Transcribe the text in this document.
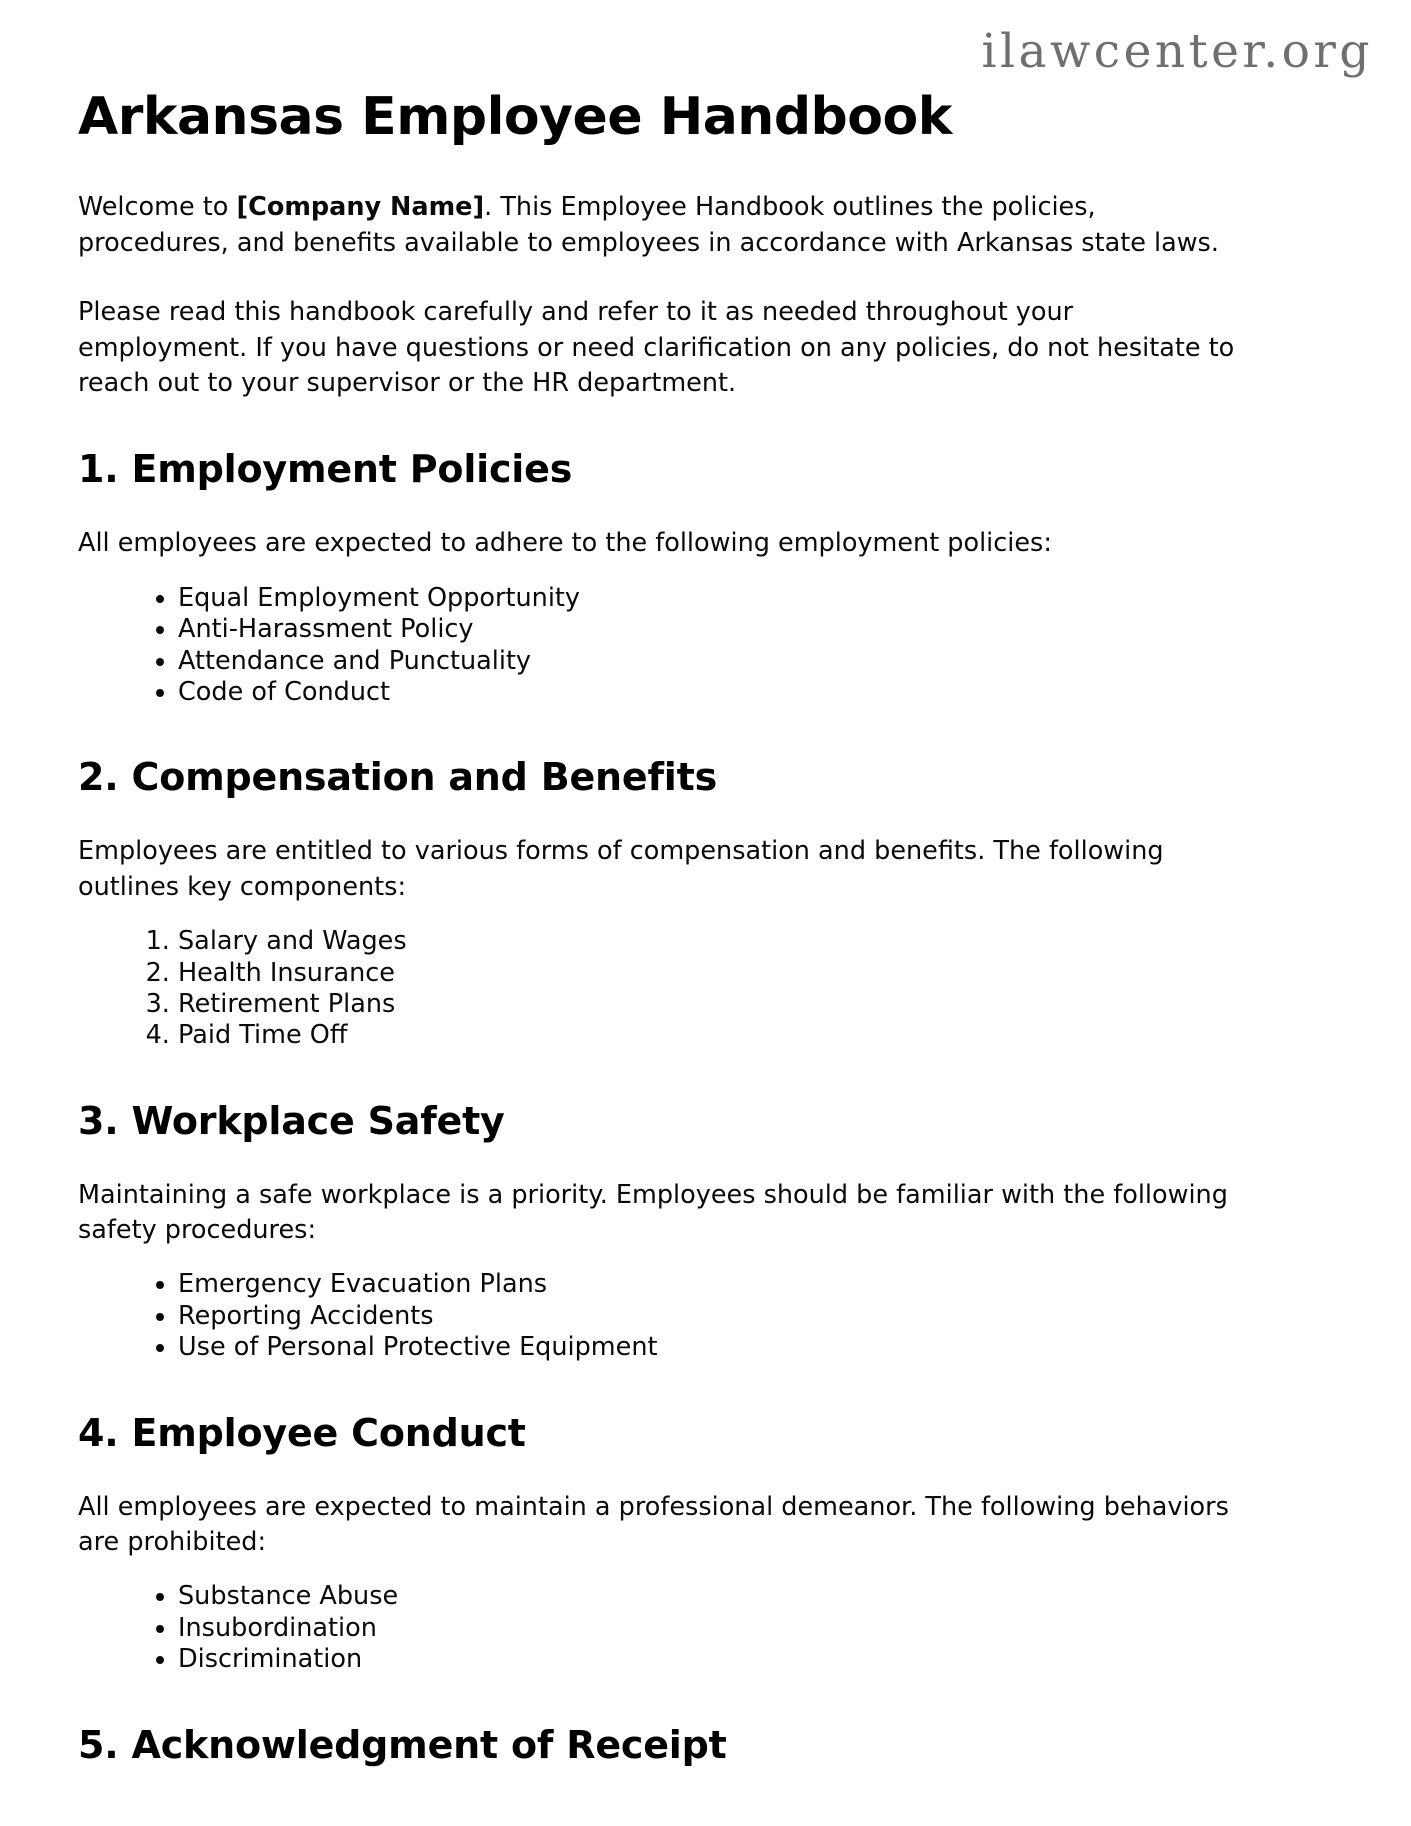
ilawcenter.org
Arkansas Employee Handbook

Welcome to [Company Name]. This Employee Handbook outlines the policies, procedures, and benefits available to employees in accordance with Arkansas state laws.

Please read this handbook carefully and refer to it as needed throughout your employment. If you have questions or need clarification on any policies, do not hesitate to reach out to your supervisor or the HR department.

1. Employment Policies

All employees are expected to adhere to the following employment policies:

• Equal Employment Opportunity
• Anti-Harassment Policy
• Attendance and Punctuality
• Code of Conduct
2. Compensation and Benefits

Employees are entitled to various forms of compensation and benefits. The following outlines key components:

1. Salary and Wages
2. Health Insurance
3. Retirement Plans
4. Paid Time Off
3. Workplace Safety

Maintaining a safe workplace is a priority. Employees should be familiar with the following safety procedures:

• Emergency Evacuation Plans
• Reporting Accidents
• Use of Personal Protective Equipment
4. Employee Conduct

All employees are expected to maintain a professional demeanor. The following behaviors are prohibited:

• Substance Abuse
• Insubordination
• Discrimination
5. Acknowledgment of Receipt
